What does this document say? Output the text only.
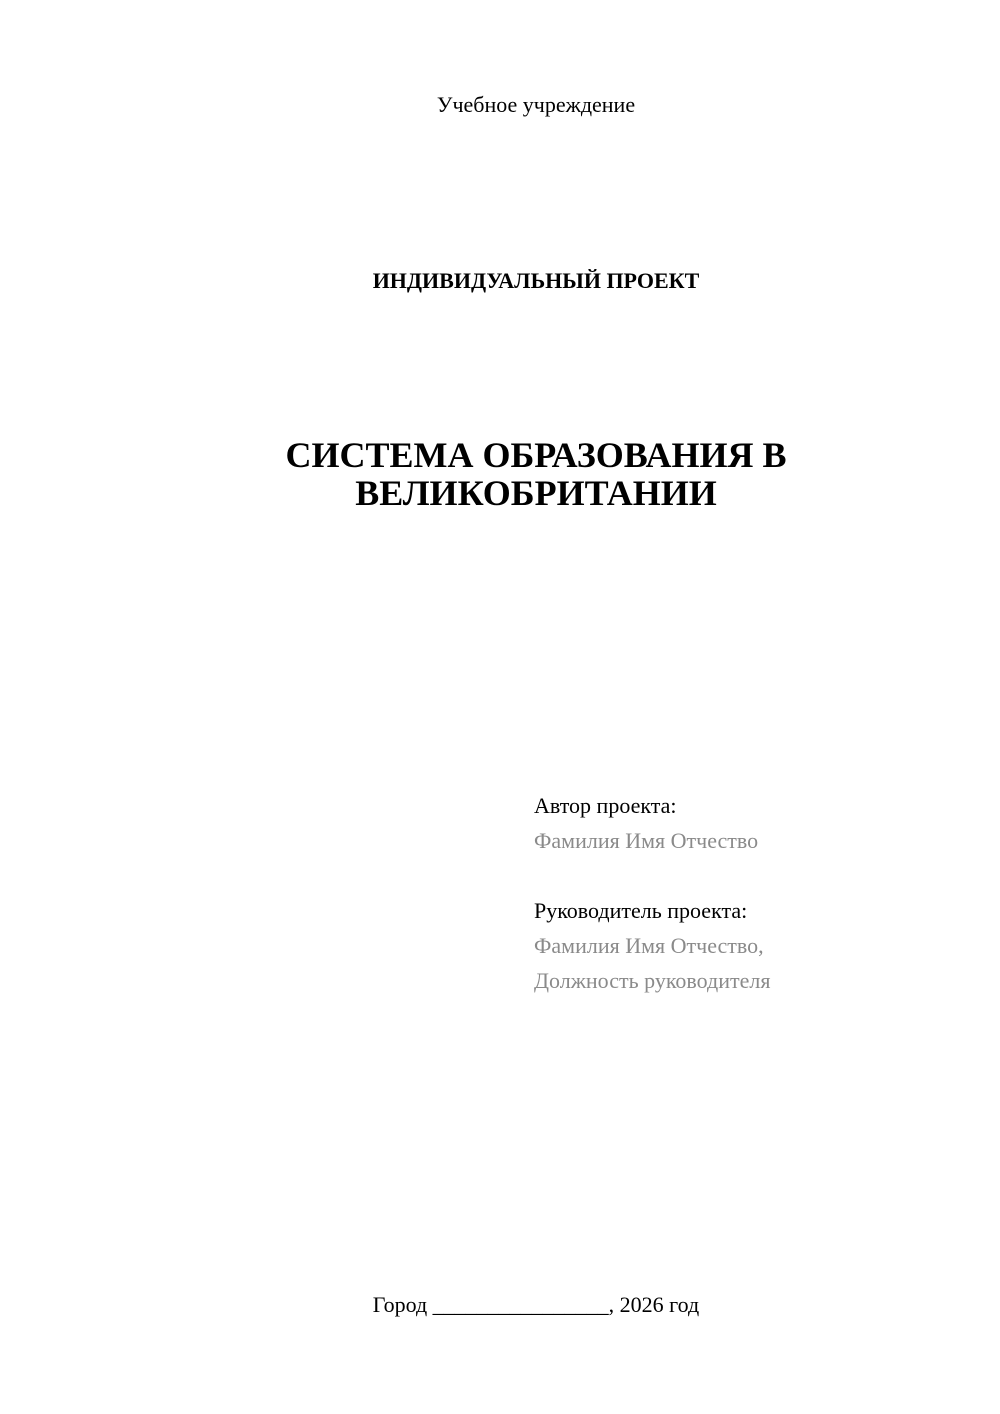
Учебное учреждение
ИНДИВИДУАЛЬНЫЙ ПРОЕКТ
СИСТЕМА ОБРАЗОВАНИЯ В
ВЕЛИКОБРИТАНИИ
Автор проекта:
Фамилия Имя Отчество
Руководитель проекта:
Фамилия Имя Отчество,
Должность руководителя
Город ________________, 2026 год
